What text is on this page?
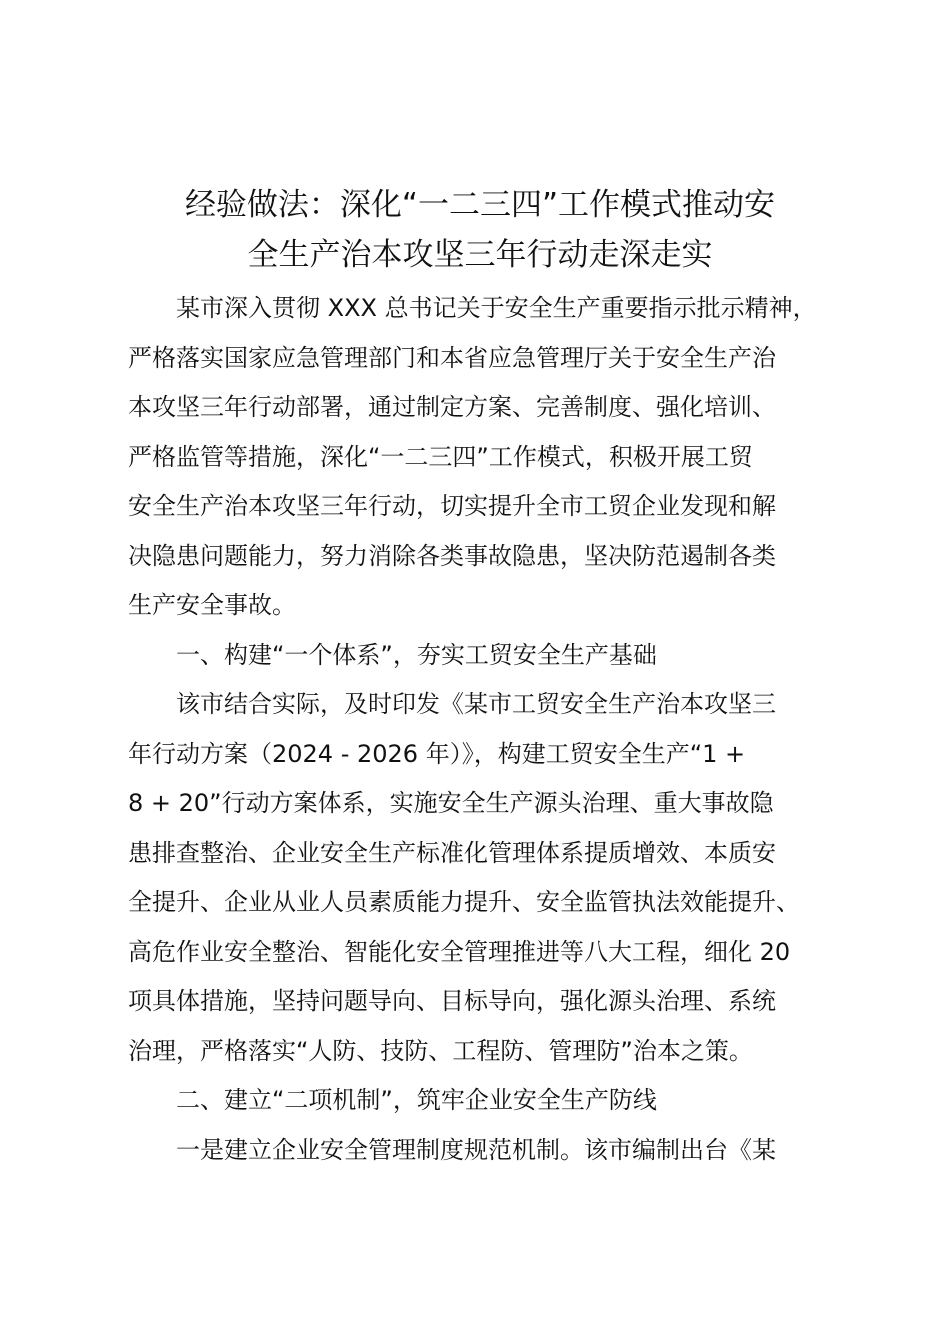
经验做法：深化“一二三四”工作模式推动安
全生产治本攻坚三年行动走深走实
某市深入贯彻 XXX 总书记关于安全生产重要指示批示精神，
严格落实国家应急管理部门和本省应急管理厅关于安全生产治
本攻坚三年行动部署，通过制定方案、完善制度、强化培训、
严格监管等措施，深化“一二三四”工作模式，积极开展工贸
安全生产治本攻坚三年行动，切实提升全市工贸企业发现和解
决隐患问题能力，努力消除各类事故隐患，坚决防范遏制各类
生产安全事故。
一、构建“一个体系”，夯实工贸安全生产基础
该市结合实际，及时印发《某市工贸安全生产治本攻坚三
年行动方案（2024 - 2026 年）》，构建工贸安全生产“1 +
8 + 20”行动方案体系，实施安全生产源头治理、重大事故隐
患排查整治、企业安全生产标准化管理体系提质增效、本质安
全提升、企业从业人员素质能力提升、安全监管执法效能提升、
高危作业安全整治、智能化安全管理推进等八大工程，细化 20
项具体措施，坚持问题导向、目标导向，强化源头治理、系统
治理，严格落实“人防、技防、工程防、管理防”治本之策。
二、建立“二项机制”，筑牢企业安全生产防线
一是建立企业安全管理制度规范机制。该市编制出台《某
